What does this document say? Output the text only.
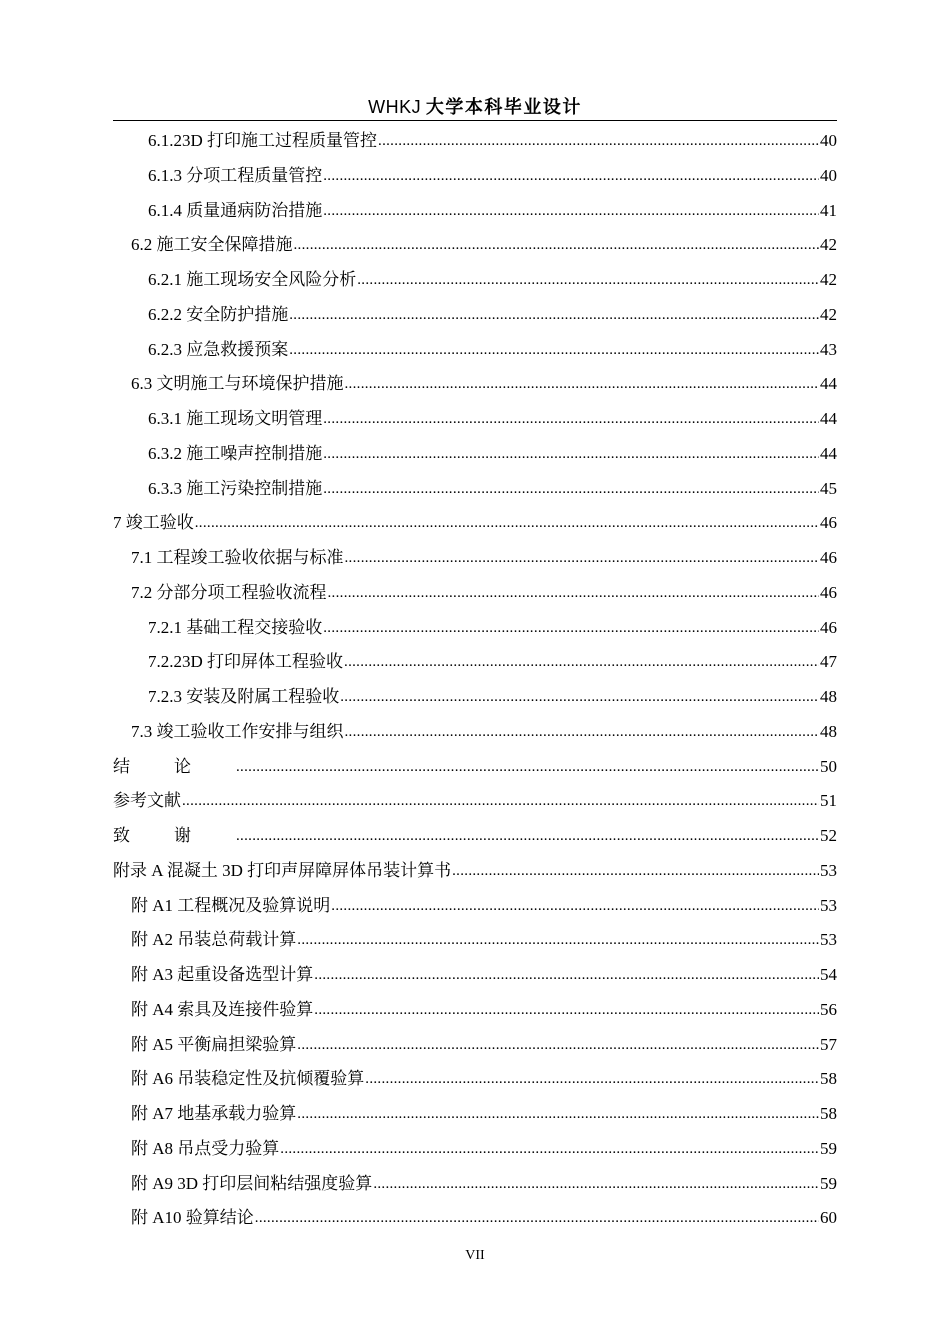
WHKJ 大学本科毕业设计
6.1.23D 打印施工过程质量管控 .....	40
6.1.3 分项工程质量管控 .....	40
6.1.4 质量通病防治措施 .....	41
6.2 施工安全保障措施 .....	42
6.2.1 施工现场安全风险分析 .....	42
6.2.2 安全防护措施 .....	42
6.2.3 应急救援预案 .....	43
6.3 文明施工与环境保护措施 .....	44
6.3.1 施工现场文明管理 .....	44
6.3.2 施工噪声控制措施 .....	44
6.3.3 施工污染控制措施 .....	45
7 竣工验收 .....	46
7.1 工程竣工验收依据与标准 .....	46
7.2 分部分项工程验收流程 .....	46
7.2.1 基础工程交接验收 .....	46
7.2.23D 打印屏体工程验收 .....	47
7.2.3 安装及附属工程验收 .....	48
7.3 竣工验收工作安排与组织 .....	48
结论 .....	50
参考文献 .....	51
致谢 .....	52
附录 A 混凝土 3D 打印声屏障屏体吊装计算书 .....	53
附 A1 工程概况及验算说明 .....	53
附 A2 吊装总荷载计算 .....	53
附 A3 起重设备选型计算 .....	54
附 A4 索具及连接件验算 .....	56
附 A5 平衡扁担梁验算 .....	57
附 A6 吊装稳定性及抗倾覆验算 .....	58
附 A7 地基承载力验算 .....	58
附 A8 吊点受力验算 .....	59
附 A9 3D 打印层间粘结强度验算 .....	59
附 A10 验算结论 .....	60
VII
